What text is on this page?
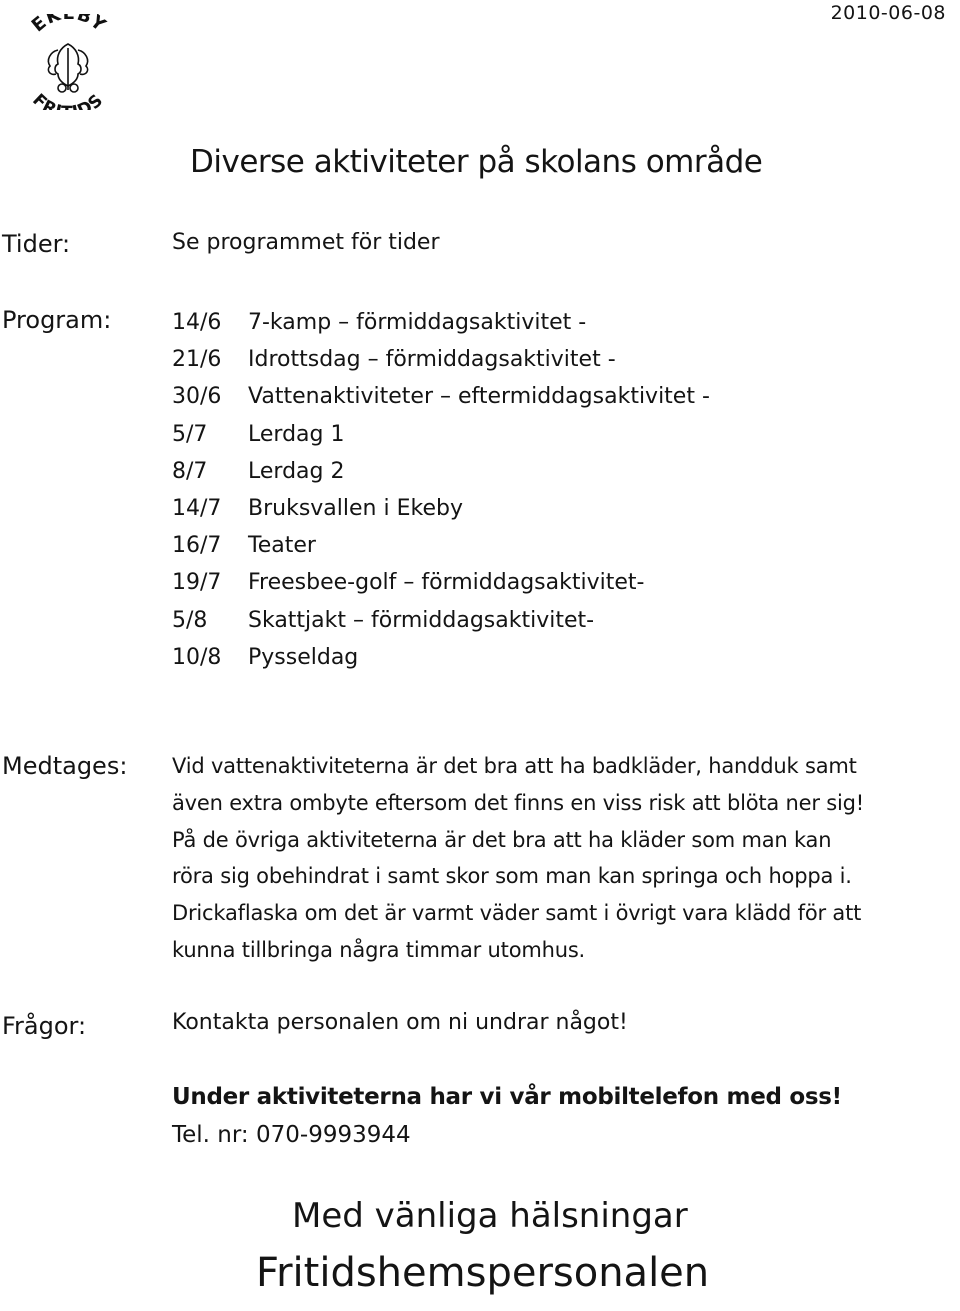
EK BY
FR DS
2010-06-08
Diverse aktiviteter på skolans område
Tider:	Se programmet för tider
Program:	14/6 7-kamp – förmiddagsaktivitet -
21/6 Idrottsdag – förmiddagsaktivitet -
30/6 Vattenaktiviteter – eftermiddagsaktivitet -
5/7 Lerdag 1
8/7 Lerdag 2
14/7 Bruksvallen i Ekeby
16/7 Teater
19/7 Freesbee-golf – förmiddagsaktivitet-
5/8 Skattjakt – förmiddagsaktivitet-
10/8 Pysseldag
Medtages: Vid vattenaktiviteterna är det bra att ha badkläder, handduk samt
även extra ombyte eftersom det finns en viss risk att blöta ner sig!
På de övriga aktiviteterna är det bra att ha kläder som man kan
röra sig obehindrat i samt skor som man kan springa och hoppa i.
Drickaflaska om det är varmt väder samt i övrigt vara klädd för att
kunna tillbringa några timmar utomhus.
Frågor:	Kontakta personalen om ni undrar något!
Under aktiviteterna har vi vår mobiltelefon med oss!
Tel. nr: 070-9993944
Med vänliga hälsningar
Fritidshemspersonalen
